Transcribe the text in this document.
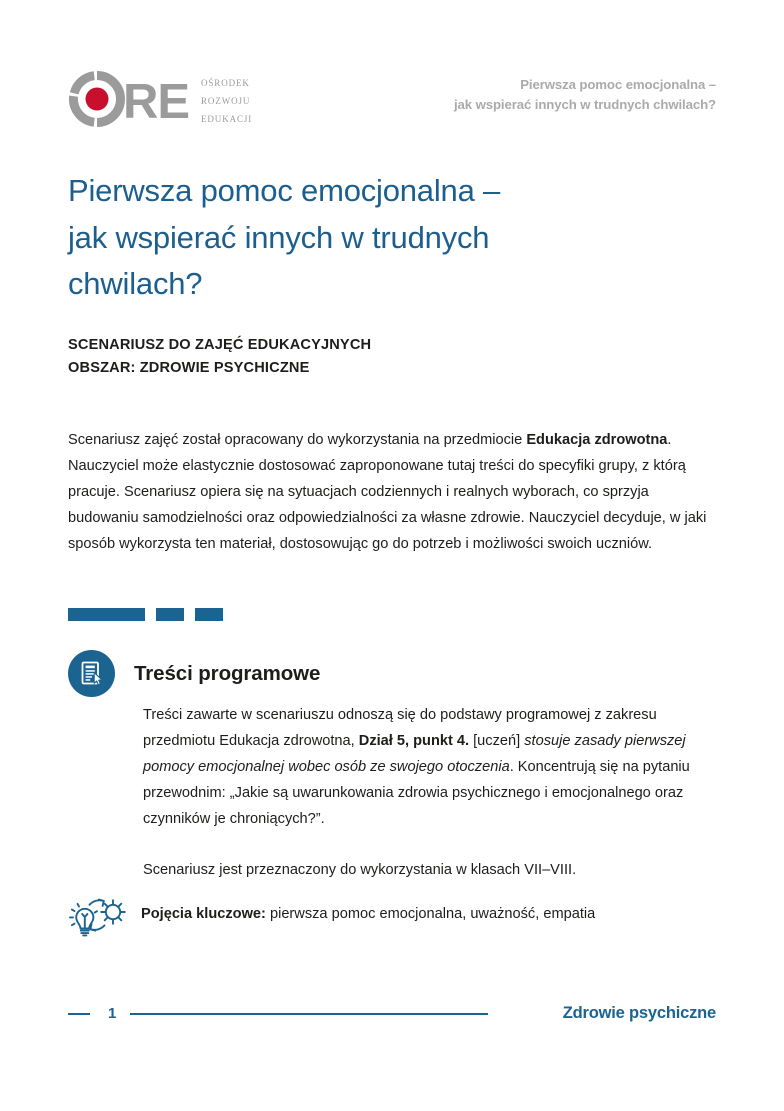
RE ośrodek
rozwoju
edukacji
Pierwsza pomoc emocjonalna –
jak wspierać innych w trudnych chwilach?
Pierwsza pomoc emocjonalna –
jak wspierać innych w trudnych
chwilach?
SCENARIUSZ DO ZAJĘĆ EDUKACYJNYCH
OBSZAR: ZDROWIE PSYCHICZNE

Scenariusz zajęć został opracowany do wykorzystania na przedmiocie Edukacja zdrowotna. Nauczyciel może elastycznie dostosować zaproponowane tutaj treści do specyfiki grupy, z którą pracuje. Scenariusz opiera się na sytuacjach codziennych i realnych wyborach, co sprzyja budowaniu samodzielności oraz odpowiedzialności za własne zdrowie. Nauczyciel decyduje, w jaki sposób wykorzysta ten materiał, dostosowując go do potrzeb i możliwości swoich uczniów.

Treści programowe

Treści zawarte w scenariuszu odnoszą się do podstawy programowej z zakresu przedmiotu Edukacja zdrowotna, Dział 5, punkt 4. [uczeń] stosuje zasady pierwszej pomocy emocjonalnej wobec osób ze swojego otoczenia. Koncentrują się na pytaniu przewodnim: „Jakie są uwarunkowania zdrowia psychicznego i emocjonalnego oraz czynników je chroniących?”.

Scenariusz jest przeznaczony do wykorzystania w klasach VII–VIII.

Pojęcia kluczowe: pierwsza pomoc emocjonalna, uważność, empatia
1	Zdrowie psychiczne
